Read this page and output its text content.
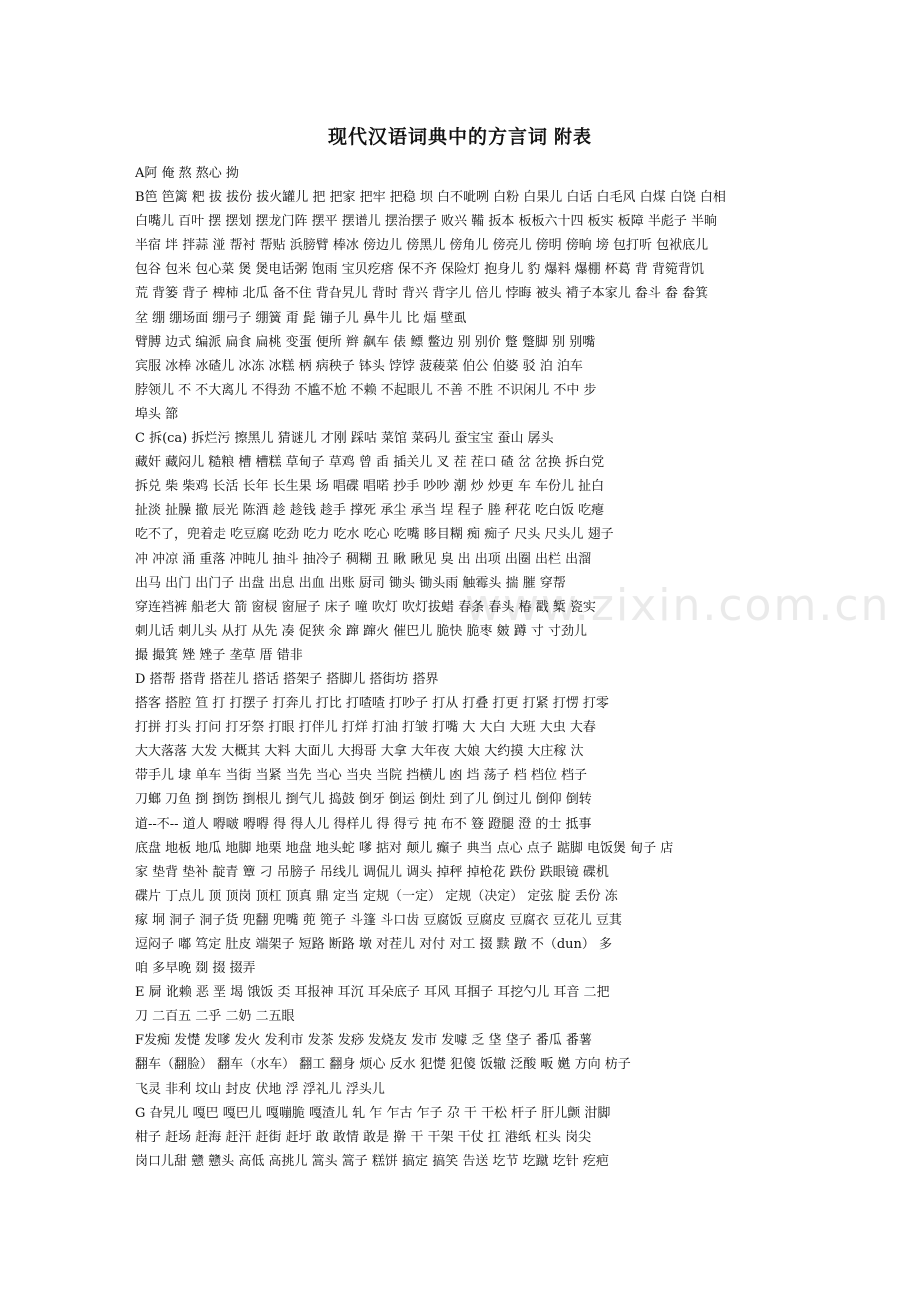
现代汉语词典中的方言词 附表
www.zixin.com.cn
A阿 俺 熬 熬心 拗
B笆 笆篱 粑 拔 拔份 拔火罐儿 把 把家 把牢 把稳 坝 白不呲咧 白粉 白果儿 白话 白毛风 白煤 白饶 白相
白嘴儿 百叶 摆 摆划 摆龙门阵 摆平 摆谱儿 摆治摆子 败兴 鞴 扳本 板板六十四 板实 板障 半彪子 半晌
半宿 坢 拌蒜 湴 帮衬 帮贴 浜膀臂 棒冰 傍边儿 傍黑儿 傍角儿 傍亮儿 傍明 傍晌 塝 包打听 包袱底儿
包谷 包米 包心菜 煲 煲电话粥 饱雨 宝贝疙瘩 保不齐 保险灯 抱身儿 豹 爆料 爆棚 杯葛 背 背箢背饥
荒 背篓 背子 椑柿 北瓜 备不住 背旮旯儿 背时 背兴 背字儿 倍儿 悖晦 被头 褙子本家儿 畚斗 畚 畚箕
坌 绷 绷场面 绷弓子 绷簧 甭 髭 镚子儿 鼻牛儿 比 煏 壁虱
臂膊 边式 编派 扁食 扁桃 变蛋 便所 辫 飙车 俵 鳔 鳖边 别 别价 蹩 蹩脚 别 别嘴
宾服 冰棒 冰碴儿 冰冻 冰糕 柄 病秧子 钵头 饽饽 菠薐菜 伯公 伯婆 驳 泊 泊车
脖领儿 不 不大离儿 不得劲 不尴不尬 不赖 不起眼儿 不善 不胜 不识闲儿 不中 步
埠头 篰
C 拆(ca) 拆烂污 擦黑儿 猜谜儿 才刚 踩咕 菜馆 菜码儿 蚕宝宝 蚕山 孱头
藏奸 藏闷儿 糙粮 槽 槽糕 草甸子 草鸡 曾 臿 插关儿 叉 茬 茬口 碴 岔 岔换 拆白党
拆兑 柴 柴鸡 长活 长年 长生果 场 唱碟 唱喏 抄手 吵吵 潮 炒 炒更 车 车份儿 扯白
扯淡 扯臊 撤 辰光 陈酒 趁 趁钱 趁手 撑死 承尘 承当 埕 程子 塍 秤花 吃白饭 吃瘪
吃不了，兜着走 吃豆腐 吃劲 吃力 吃水 吃心 吃嘴 眵目糊 痴 痴子 尺头 尺头儿 翅子
冲 冲凉 涌 重落 冲盹儿 抽斗 抽冷子 稠糊 丑 瞅 瞅见 臭 出 出项 出圈 出栏 出溜
出马 出门 出门子 出盘 出息 出血 出账 厨司 锄头 锄头雨 触霉头 揣 膗 穿帮
穿连裆裤 船老大 箭 窗棂 窗屉子 床子 噇 吹灯 吹灯拔蜡 春条 春头 椿 戳 椠 瓷实
刺儿话 刺儿头 从打 从先 凑 促狭 氽 蹿 蹿火 催巴儿 脆快 脆枣 皴 蹲 寸 寸劲儿
撮 撮箕 矬 矬子 垄草 厝 错非
D 搭帮 搭背 搭茬儿 搭话 搭架子 搭脚儿 搭街坊 搭界
搭客 搭腔 笪 打 打摆子 打奔儿 打比 打喳喳 打吵子 打从 打叠 打更 打紧 打愣 打零
打拼 打头 打问 打牙祭 打眼 打伴儿 打烊 打油 打皱 打嘴 大 大白 大班 大虫 大春
大大落落 大发 大概其 大料 大面儿 大拇哥 大拿 大年夜 大娘 大约摸 大庄稼 汏
带手儿 埭 单车 当街 当紧 当先 当心 当央 当院 挡横儿 凼 垱 荡子 档 档位 档子
刀螂 刀鱼 捯 捯饬 捯根儿 捯气儿 捣鼓 倒牙 倒运 倒灶 到了儿 倒过儿 倒仰 倒转
道--不-- 道人 嘚啵 嘚嘚 得 得人儿 得样儿 得 得亏 扽 布不 簦 蹬腿 澄 的士 抵事
底盘 地板 地瓜 地脚 地栗 地盘 地头蛇 嗲 掂对 颠儿 癫子 典当 点心 点子 踮脚 电饭煲 甸子 店
家 垫背 垫补 靛青 簟 刁 吊膀子 吊线儿 调侃儿 调头 掉秤 掉枪花 跌份 跌眼镜 碟机
碟片 丁点儿 顶 顶岗 顶杠 顶真 鼎 定当 定规（一定） 定规（决定） 定弦 腚 丢份 冻
瘃 垌 洞子 洞子货 兜翻 兜嘴 蔸 篼子 斗篷 斗口齿 豆腐饭 豆腐皮 豆腐衣 豆花儿 豆萁
逗闷子 嘟 笃定 肚皮 端架子 短路 断路 墩 对茬儿 对付 对工 掇 黩 蹾 不（dun） 多
咱 多早晚 剟 掇 掇弄
E 屙 讹赖 恶 垩 堨 饿饭 奀 耳报神 耳沉 耳朵底子 耳风 耳掴子 耳挖勺儿 耳音 二把
刀 二百五 二乎 二奶 二五眼
F发痴 发憷 发嗲 发火 发利市 发茶 发痧 发烧友 发市 发噱 乏 垡 垡子 番瓜 番薯
翻车（翻脸） 翻车（水车） 翻工 翻身 烦心 反水 犯憷 犯傻 饭辙 泛酸 畈 嬎 方向 枋子
飞灵 非利 坟山 封皮 伏地 浮 浮礼儿 浮头儿
G 旮旯儿 嘎巴 嘎巴儿 嘎嘣脆 嘎渣儿 轧 乍 乍古 乍子 尕 干 干松 杆子 肝儿颤 泔脚
柑子 赶场 赶海 赶汗 赶街 赶圩 敢 敢情 敢是 擀 干 干架 干仗 扛 港纸 杠头 岗尖
岗口儿甜 戆 戆头 高低 高挑儿 篙头 篙子 糕饼 搞定 搞笑 告送 圪节 圪蹴 圪针 疙疤
